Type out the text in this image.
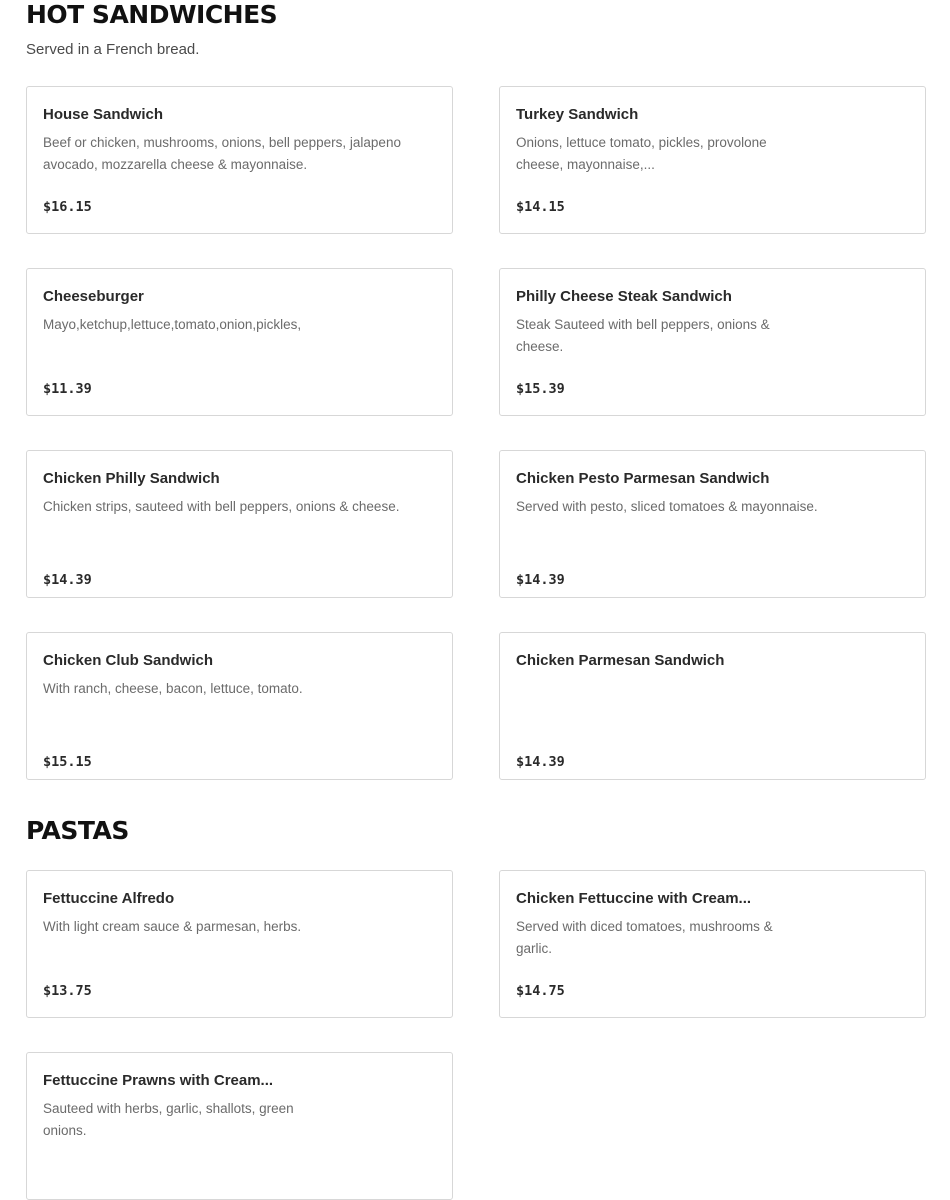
HOT SANDWICHES

Served in a French bread.

House Sandwich
Beef or chicken, mushrooms, onions, bell peppers, jalapeno avocado, mozzarella cheese & mayonnaise.
$16.15
Turkey Sandwich
Onions, lettuce tomato, pickles, provolone cheese, mayonnaise,...
$14.15
Cheeseburger
Mayo,ketchup,lettuce,tomato,onion,pickles,
$11.39
Philly Cheese Steak Sandwich
Steak Sauteed with bell peppers, onions & cheese.
$15.39
Chicken Philly Sandwich
Chicken strips, sauteed with bell peppers, onions & cheese.
$14.39
Chicken Pesto Parmesan Sandwich
Served with pesto, sliced tomatoes & mayonnaise.
$14.39
Chicken Club Sandwich
With ranch, cheese, bacon, lettuce, tomato.
$15.15
Chicken Parmesan Sandwich
$14.39
PASTAS
Fettuccine Alfredo
With light cream sauce & parmesan, herbs.
$13.75
Chicken Fettuccine with Cream...
Served with diced tomatoes, mushrooms & garlic.
$14.75
Fettuccine Prawns with Cream...
Sauteed with herbs, garlic, shallots, green onions.
